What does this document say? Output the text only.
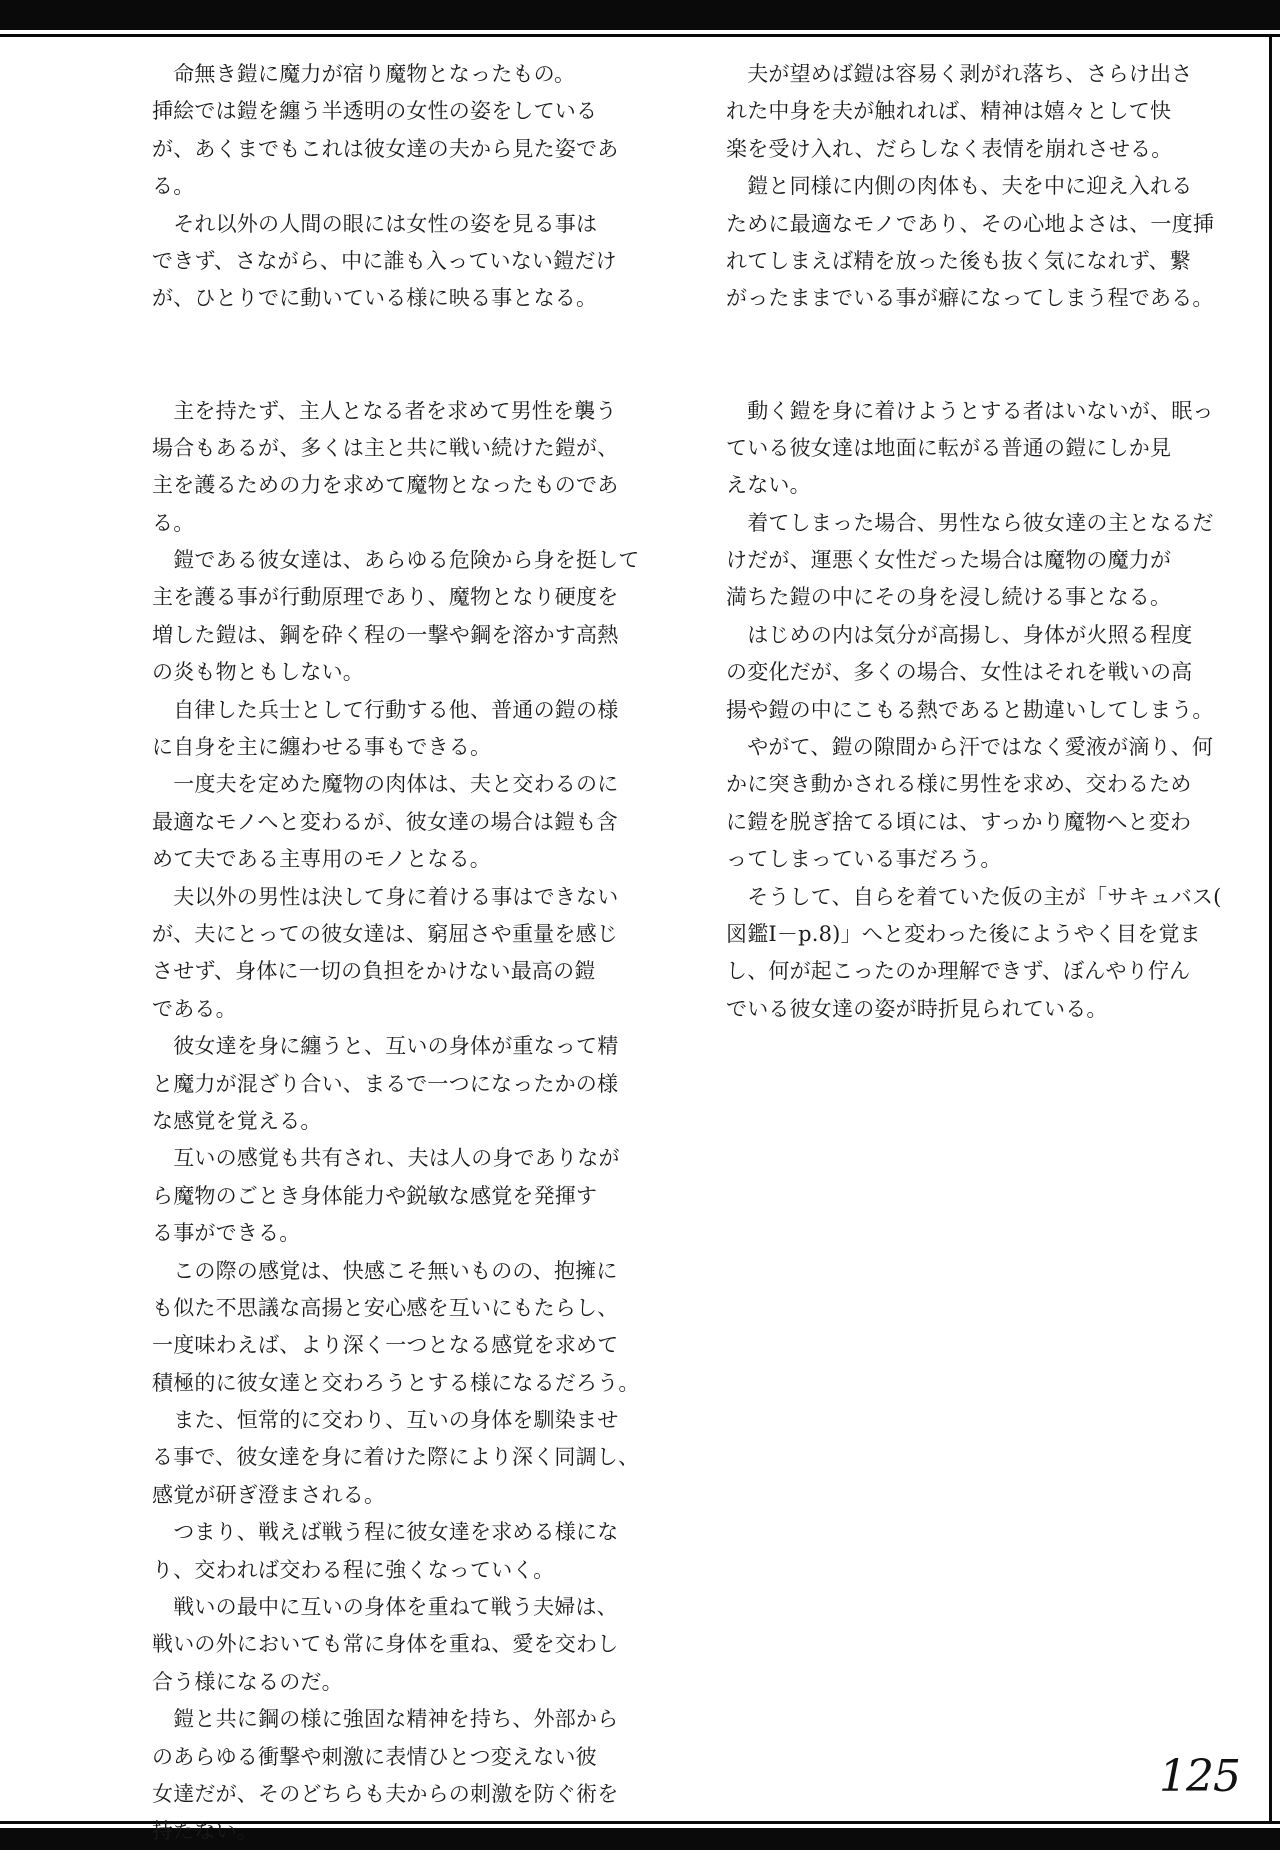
　命無き鎧に魔力が宿り魔物となったもの。
挿絵では鎧を纏う半透明の女性の姿をしている
が、あくまでもこれは彼女達の夫から見た姿であ
る。
　それ以外の人間の眼には女性の姿を見る事は
できず、さながら、中に誰も入っていない鎧だけ
が、ひとりでに動いている様に映る事となる。
　主を持たず、主人となる者を求めて男性を襲う
場合もあるが、多くは主と共に戦い続けた鎧が、
主を護るための力を求めて魔物となったものであ
る。
　鎧である彼女達は、あらゆる危険から身を挺して
主を護る事が行動原理であり、魔物となり硬度を
増した鎧は、鋼を砕く程の一撃や鋼を溶かす高熱
の炎も物ともしない。
　自律した兵士として行動する他、普通の鎧の様
に自身を主に纏わせる事もできる。
　一度夫を定めた魔物の肉体は、夫と交わるのに
最適なモノへと変わるが、彼女達の場合は鎧も含
めて夫である主専用のモノとなる。
　夫以外の男性は決して身に着ける事はできない
が、夫にとっての彼女達は、窮屈さや重量を感じ
させず、身体に一切の負担をかけない最高の鎧
である。
　彼女達を身に纏うと、互いの身体が重なって精
と魔力が混ざり合い、まるで一つになったかの様
な感覚を覚える。
　互いの感覚も共有され、夫は人の身でありなが
ら魔物のごとき身体能力や鋭敏な感覚を発揮す
る事ができる。
　この際の感覚は、快感こそ無いものの、抱擁に
も似た不思議な高揚と安心感を互いにもたらし、
一度味わえば、より深く一つとなる感覚を求めて
積極的に彼女達と交わろうとする様になるだろう。
　また、恒常的に交わり、互いの身体を馴染ませ
る事で、彼女達を身に着けた際により深く同調し、
感覚が研ぎ澄まされる。
　つまり、戦えば戦う程に彼女達を求める様にな
り、交われば交わる程に強くなっていく。
　戦いの最中に互いの身体を重ねて戦う夫婦は、
戦いの外においても常に身体を重ね、愛を交わし
合う様になるのだ。
　鎧と共に鋼の様に強固な精神を持ち、外部から
のあらゆる衝撃や刺激に表情ひとつ変えない彼
女達だが、そのどちらも夫からの刺激を防ぐ術を
持たない。
　夫が望めば鎧は容易く剥がれ落ち、さらけ出さ
れた中身を夫が触れれば、精神は嬉々として快
楽を受け入れ、だらしなく表情を崩れさせる。
　鎧と同様に内側の肉体も、夫を中に迎え入れる
ために最適なモノであり、その心地よさは、一度挿
れてしまえば精を放った後も抜く気になれず、繋
がったままでいる事が癖になってしまう程である。
　動く鎧を身に着けようとする者はいないが、眠っ
ている彼女達は地面に転がる普通の鎧にしか見
えない。
　着てしまった場合、男性なら彼女達の主となるだ
けだが、運悪く女性だった場合は魔物の魔力が
満ちた鎧の中にその身を浸し続ける事となる。
　はじめの内は気分が高揚し、身体が火照る程度
の変化だが、多くの場合、女性はそれを戦いの高
揚や鎧の中にこもる熱であると勘違いしてしまう。
　やがて、鎧の隙間から汗ではなく愛液が滴り、何
かに突き動かされる様に男性を求め、交わるため
に鎧を脱ぎ捨てる頃には、すっかり魔物へと変わ
ってしまっている事だろう。
　そうして、自らを着ていた仮の主が「サキュバス(
図鑑Ⅰ－p.8)」へと変わった後にようやく目を覚ま
し、何が起こったのか理解できず、ぼんやり佇ん
でいる彼女達の姿が時折見られている。
125
